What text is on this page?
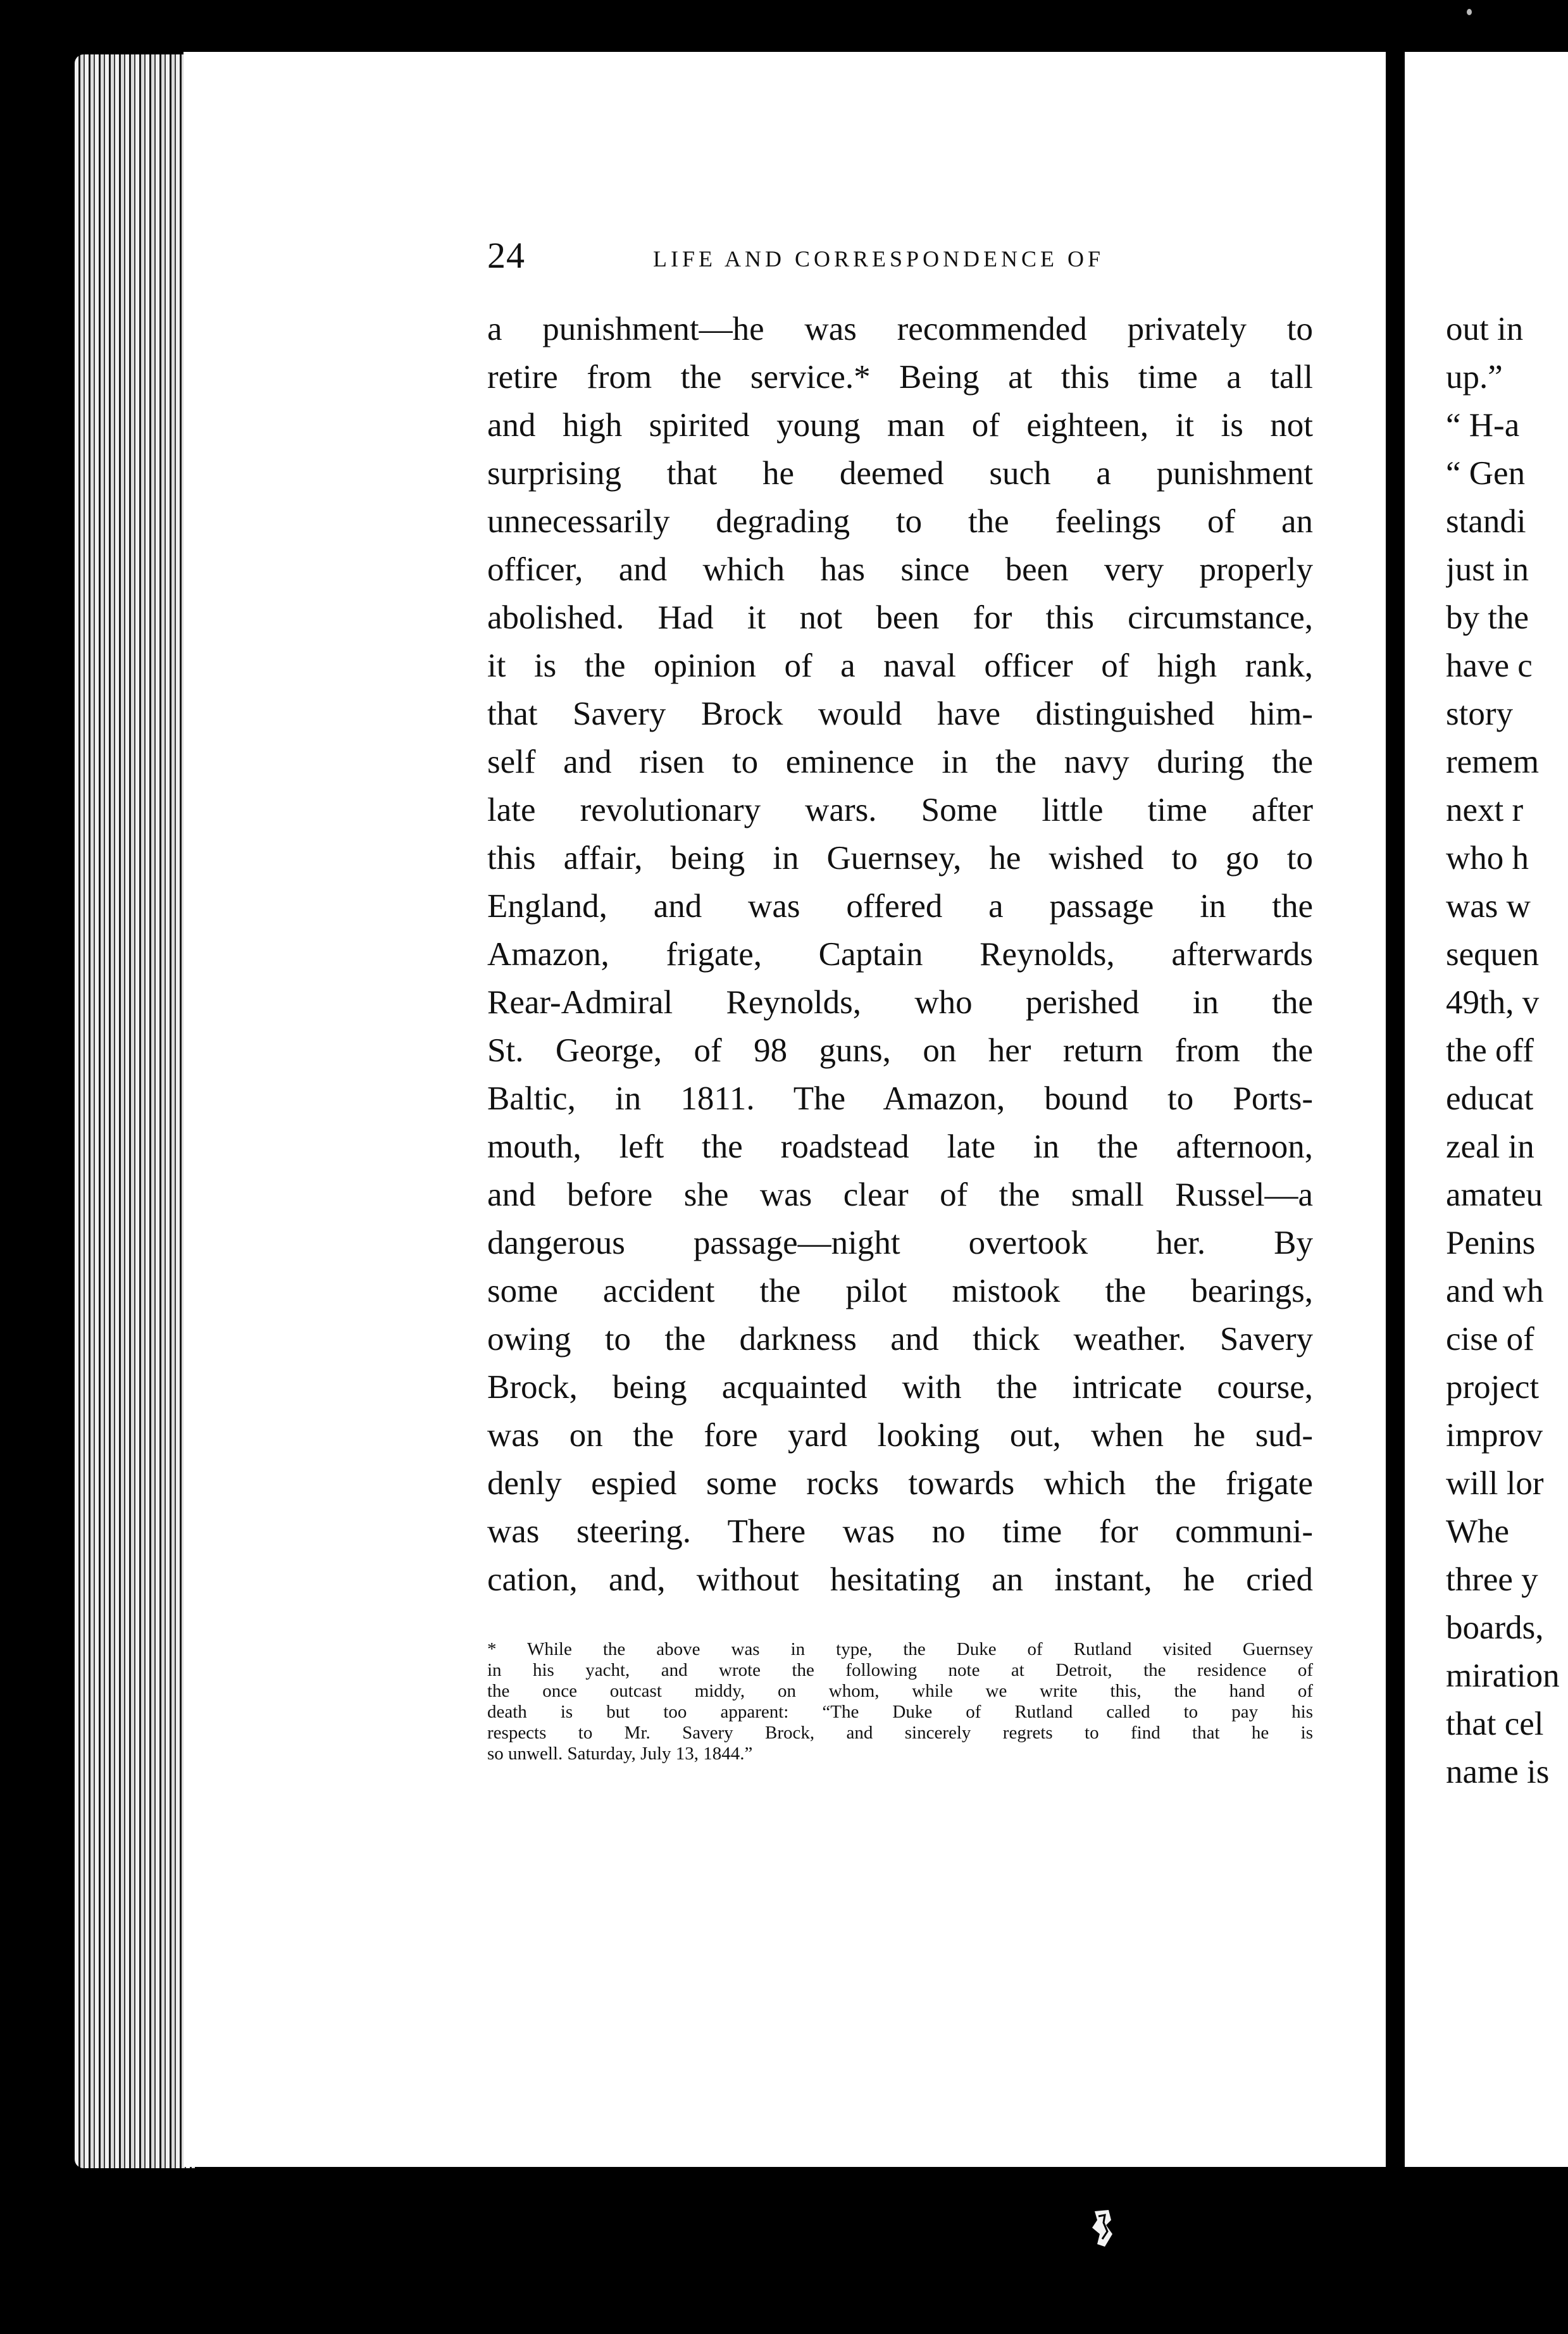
24	LIFE AND CORRESPONDENCE OF
a punishment—he was recommended privately to
retire from the service.* Being at this time a tall
and high spirited young man of eighteen, it is not
surprising that he deemed such a punishment
unnecessarily degrading to the feelings of an
officer, and which has since been very properly
abolished. Had it not been for this circumstance,
it is the opinion of a naval officer of high rank,
that Savery Brock would have distinguished him-
self and risen to eminence in the navy during the
late revolutionary wars. Some little time after
this affair, being in Guernsey, he wished to go to
England, and was offered a passage in the
Amazon, frigate, Captain Reynolds, afterwards
Rear-Admiral Reynolds, who perished in the
St. George, of 98 guns, on her return from the
Baltic, in 1811. The Amazon, bound to Ports-
mouth, left the roadstead late in the afternoon,
and before she was clear of the small Russel—a
dangerous passage—night overtook her. By
some accident the pilot mistook the bearings,
owing to the darkness and thick weather. Savery
Brock, being acquainted with the intricate course,
was on the fore yard looking out, when he sud-
denly espied some rocks towards which the frigate
was steering. There was no time for communi-
cation, and, without hesitating an instant, he cried
* While the above was in type, the Duke of Rutland visited Guernsey
in his yacht, and wrote the following note at Detroit, the residence of
the once outcast middy, on whom, while we write this, the hand of
death is but too apparent: “The Duke of Rutland called to pay his
respects to Mr. Savery Brock, and sincerely regrets to find that he is
so unwell. Saturday, July 13, 1844.”
out in
up.”
“ H-a
“ Gen
standi
just in
by the
have c
story
remem
next r
who h
was w
sequen
49th, v
the off
educat
zeal in
amateu
Penins
and wh
cise of
project
improv
will lor
Whe
three y
boards,
miration
that cel
name is
